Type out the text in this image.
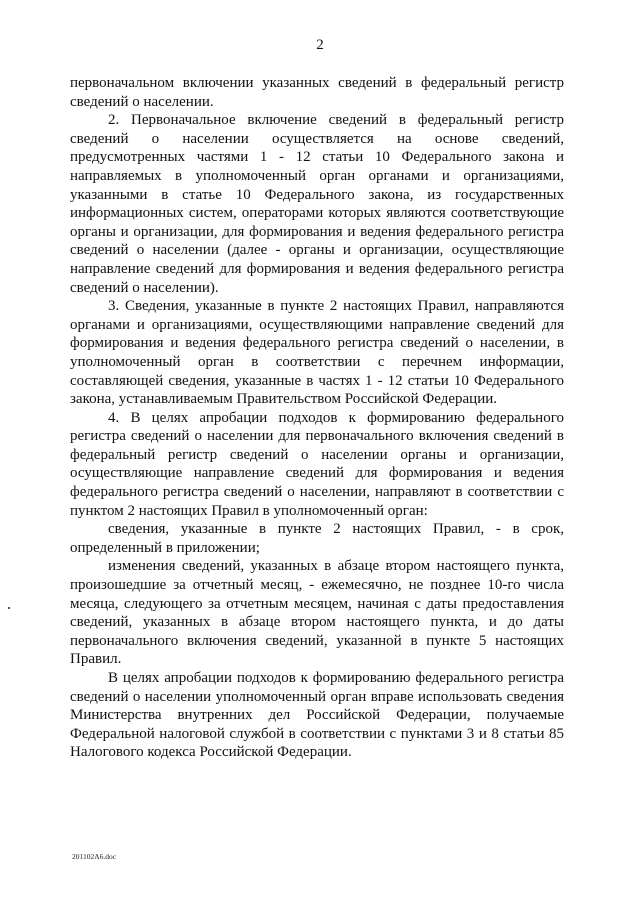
2

первоначальном включении указанных сведений в федеральный регистр сведений о населении.

2. Первоначальное включение сведений в федеральный регистр сведений о населении осуществляется на основе сведений, предусмотренных частями 1 - 12 статьи 10 Федерального закона и направляемых в уполномоченный орган органами и организациями, указанными в статье 10 Федерального закона, из государственных информационных систем, операторами которых являются соответствующие органы и организации, для формирования и ведения федерального регистра сведений о населении (далее - органы и организации, осуществляющие направление сведений для формирования и ведения федерального регистра сведений о населении).

3. Сведения, указанные в пункте 2 настоящих Правил, направляются органами и организациями, осуществляющими направление сведений для формирования и ведения федерального регистра сведений о населении, в уполномоченный орган в соответствии с перечнем информации, составляющей сведения, указанные в частях 1 - 12 статьи 10 Федерального закона, устанавливаемым Правительством Российской Федерации.

4. В целях апробации подходов к формированию федерального регистра сведений о населении для первоначального включения сведений в федеральный регистр сведений о населении органы и организации, осуществляющие направление сведений для формирования и ведения федерального регистра сведений о населении, направляют в соответствии с пунктом 2 настоящих Правил в уполномоченный орган:

сведения, указанные в пункте 2 настоящих Правил, - в срок, определенный в приложении;

изменения сведений, указанных в абзаце втором настоящего пункта, произошедшие за отчетный месяц, - ежемесячно, не позднее 10-го числа месяца, следующего за отчетным месяцем, начиная с даты предоставления сведений, указанных в абзаце втором настоящего пункта, и до даты первоначального включения сведений, указанной в пункте 5 настоящих Правил.

В целях апробации подходов к формированию федерального регистра сведений о населении уполномоченный орган вправе использовать сведения Министерства внутренних дел Российской Федерации, получаемые Федеральной налоговой службой в соответствии с пунктами 3 и 8 статьи 85 Налогового кодекса Российской Федерации.

201102A6.doc
